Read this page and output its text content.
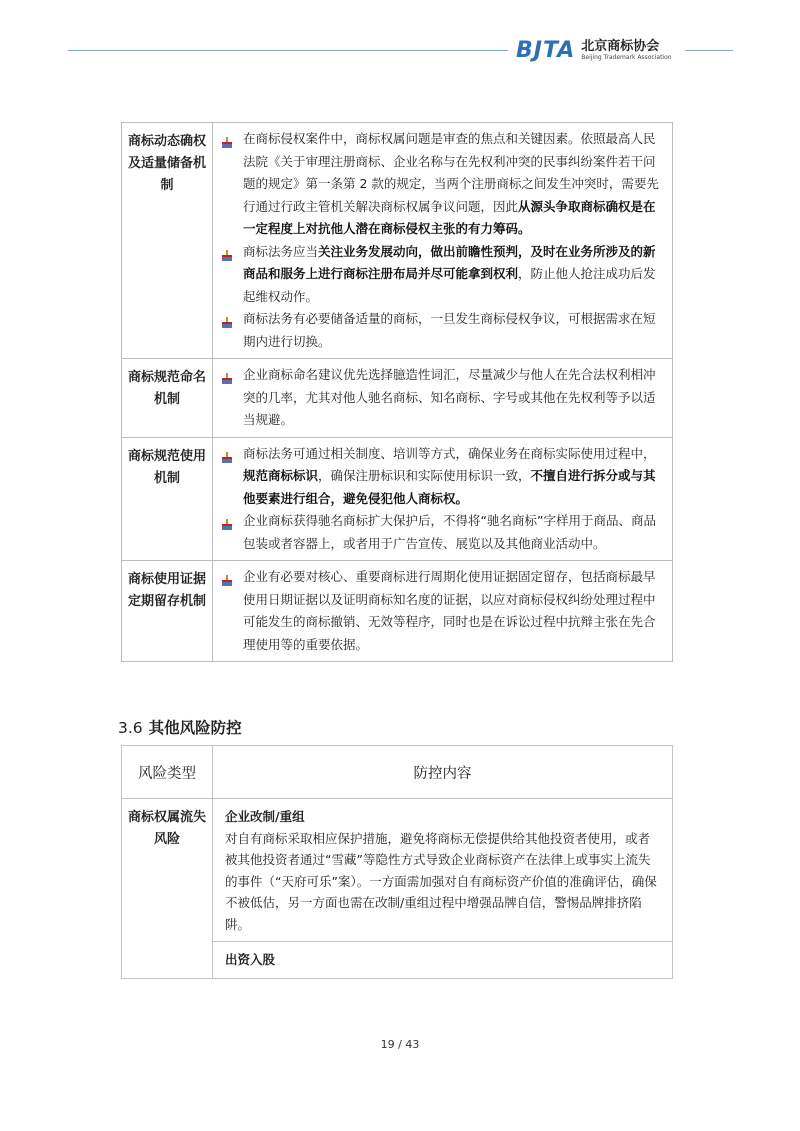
BJTA 北京商标协会
Beijing Trademark Association
商标动态确权及适量储备机制	在商标侵权案件中，商标权属问题是审查的焦点和关键因素。依照最高人民法院《关于审理注册商标、企业名称与在先权利冲突的民事纠纷案件若干问题的规定》第一条第 2 款的规定，当两个注册商标之间发生冲突时，需要先行通过行政主管机关解决商标权属争议问题，因此从源头争取商标确权是在一定程度上对抗他人潜在商标侵权主张的有力筹码。
商标法务应当关注业务发展动向，做出前瞻性预判，及时在业务所涉及的新商品和服务上进行商标注册布局并尽可能拿到权利，防止他人抢注成功后发起维权动作。
商标法务有必要储备适量的商标，一旦发生商标侵权争议，可根据需求在短期内进行切换。

商标规范命名机制	企业商标命名建议优先选择臆造性词汇，尽量减少与他人在先合法权利相冲突的几率，尤其对他人驰名商标、知名商标、字号或其他在先权利等予以适当规避。

商标规范使用机制	商标法务可通过相关制度、培训等方式，确保业务在商标实际使用过程中，规范商标标识，确保注册标识和实际使用标识一致，不擅自进行拆分或与其他要素进行组合，避免侵犯他人商标权。
企业商标获得驰名商标扩大保护后，不得将“驰名商标”字样用于商品、商品包装或者容器上，或者用于广告宣传、展览以及其他商业活动中。

商标使用证据定期留存机制	企业有必要对核心、重要商标进行周期化使用证据固定留存，包括商标最早使用日期证据以及证明商标知名度的证据，以应对商标侵权纠纷处理过程中可能发生的商标撤销、无效等程序，同时也是在诉讼过程中抗辩主张在先合理使用等的重要依据。
3.6 其他风险防控
风险类型	防控内容
商标权属流失风险	企业改制/重组
对自有商标采取相应保护措施，避免将商标无偿提供给其他投资者使用，或者被其他投资者通过“雪藏”等隐性方式导致企业商标资产在法律上或事实上流失的事件（“天府可乐”案）。一方面需加强对自有商标资产价值的准确评估，确保不被低估，另一方面也需在改制/重组过程中增强品牌自信，警惕品牌排挤陷阱。

	出资入股
19 / 43
